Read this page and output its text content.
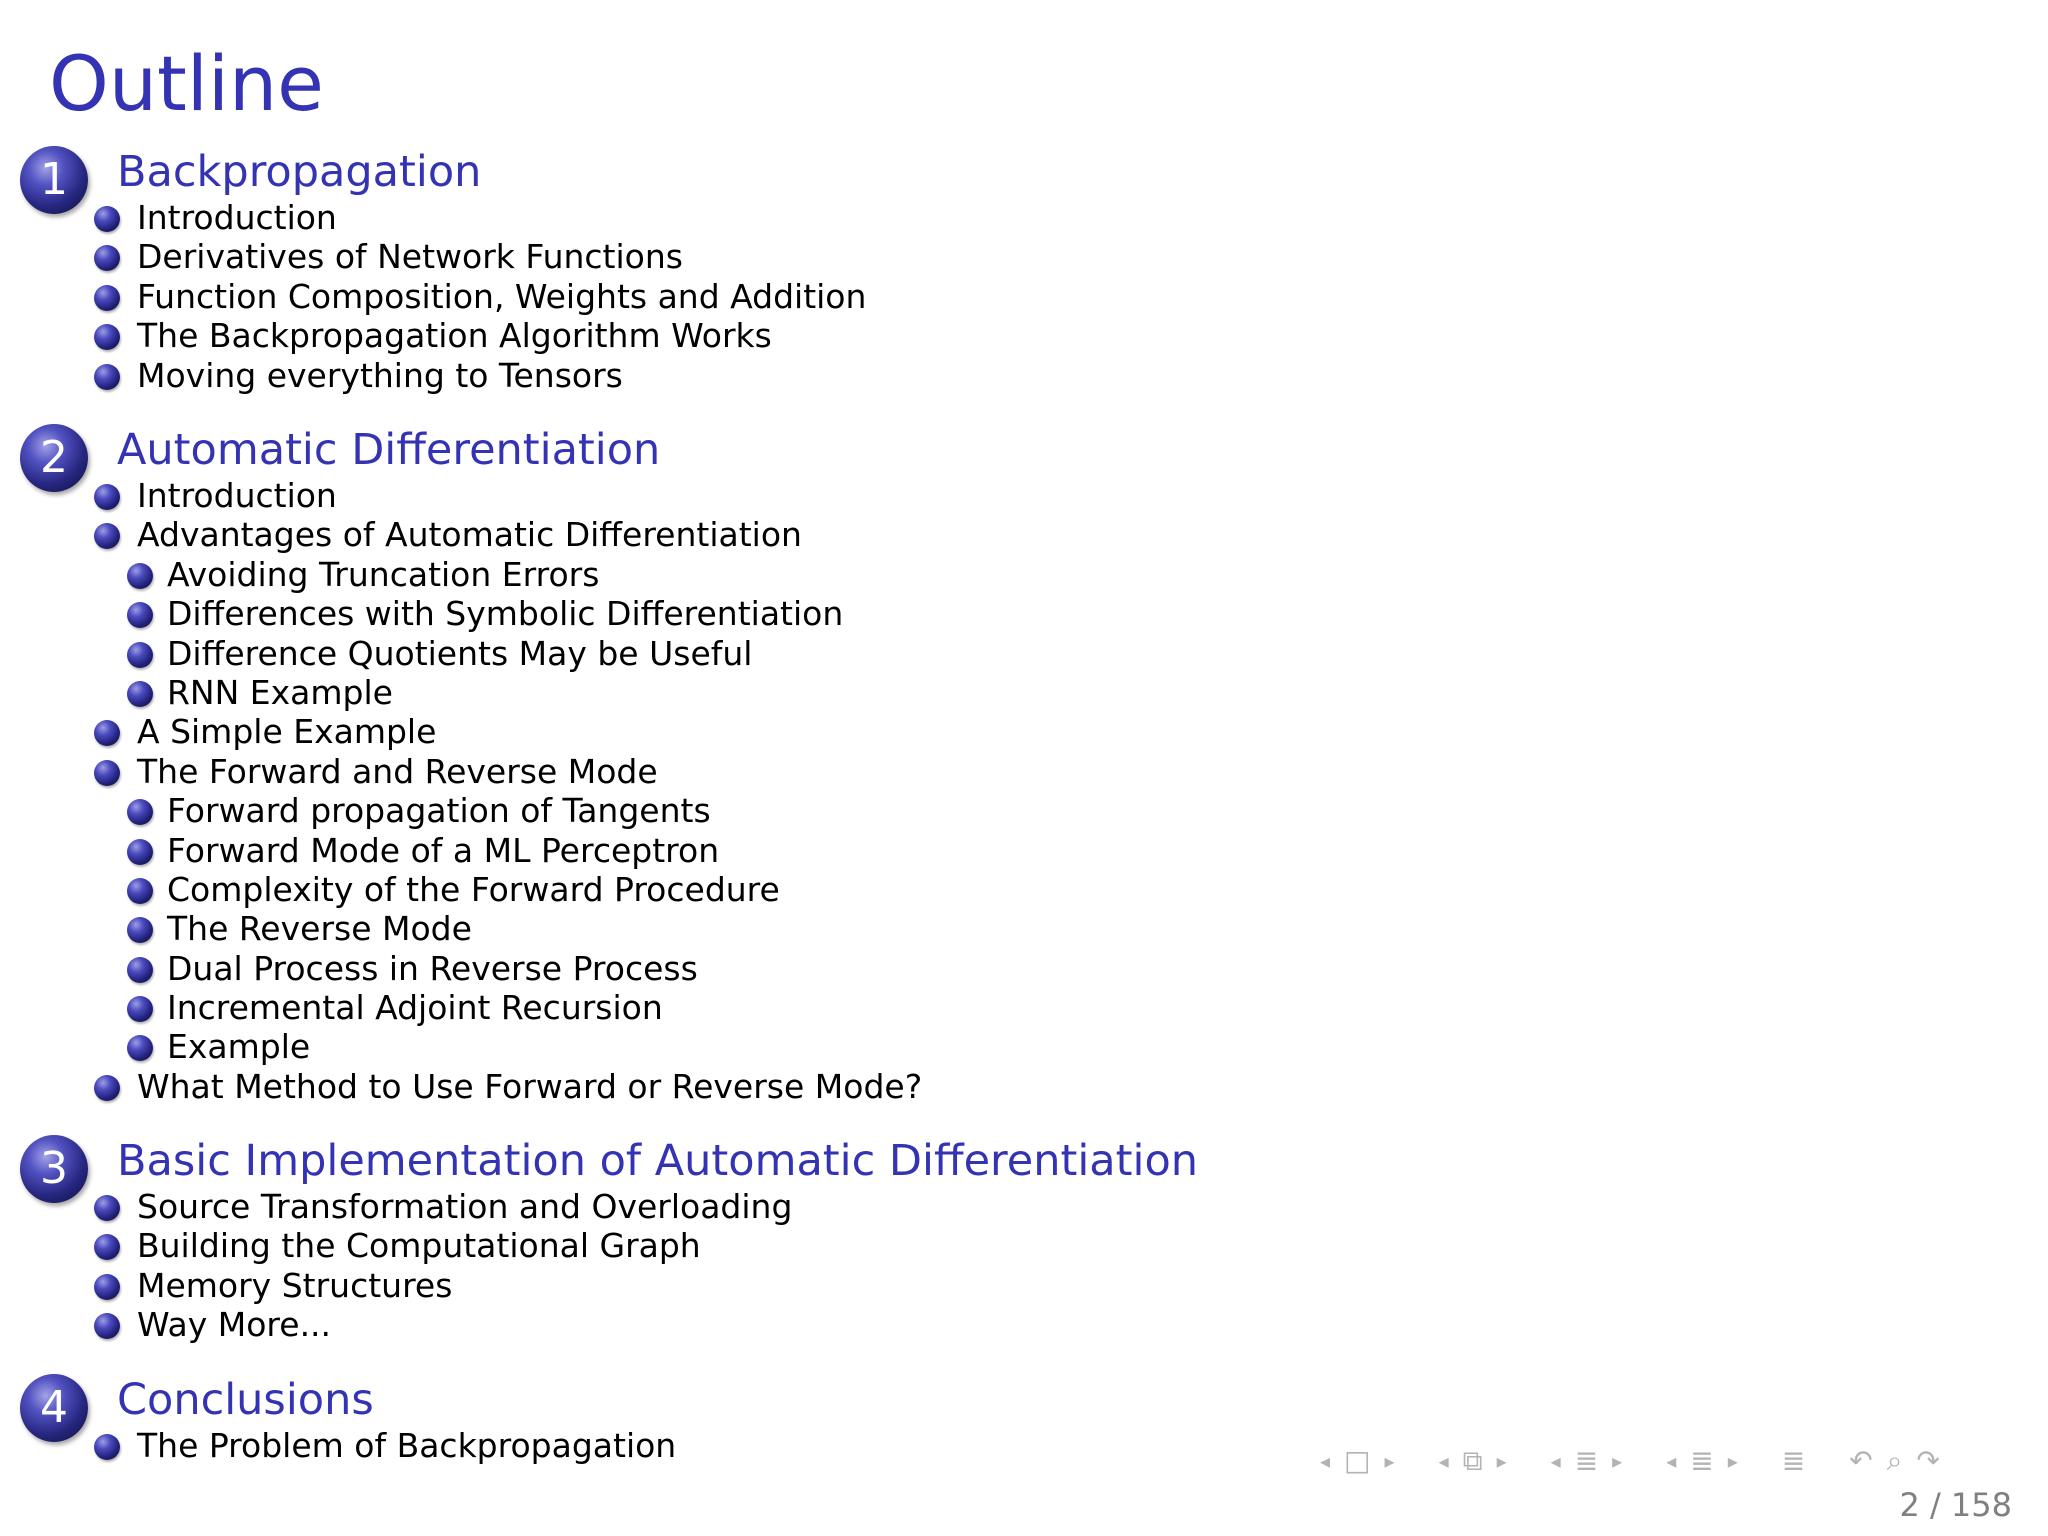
Outline
1	Backpropagation
Introduction
Derivatives of Network Functions
Function Composition, Weights and Addition
The Backpropagation Algorithm Works
Moving everything to Tensors
2	Automatic Differentiation
Introduction
Advantages of Automatic Differentiation
Avoiding Truncation Errors
Differences with Symbolic Differentiation
Difference Quotients May be Useful
RNN Example
A Simple Example
The Forward and Reverse Mode
Forward propagation of Tangents
Forward Mode of a ML Perceptron
Complexity of the Forward Procedure
The Reverse Mode
Dual Process in Reverse Process
Incremental Adjoint Recursion
Example
What Method to Use Forward or Reverse Mode?
3	Basic Implementation of Automatic Differentiation
Source Transformation and Overloading
Building the Computational Graph
Memory Structures
Way More...
4	Conclusions
The Problem of Backpropagation	◂ □ ▸ ◂ ⧉ ▸ ◂ ≣ ▸ ◂ ≣ ▸ ≣ ↶ ⌕ ↷
2 / 158
